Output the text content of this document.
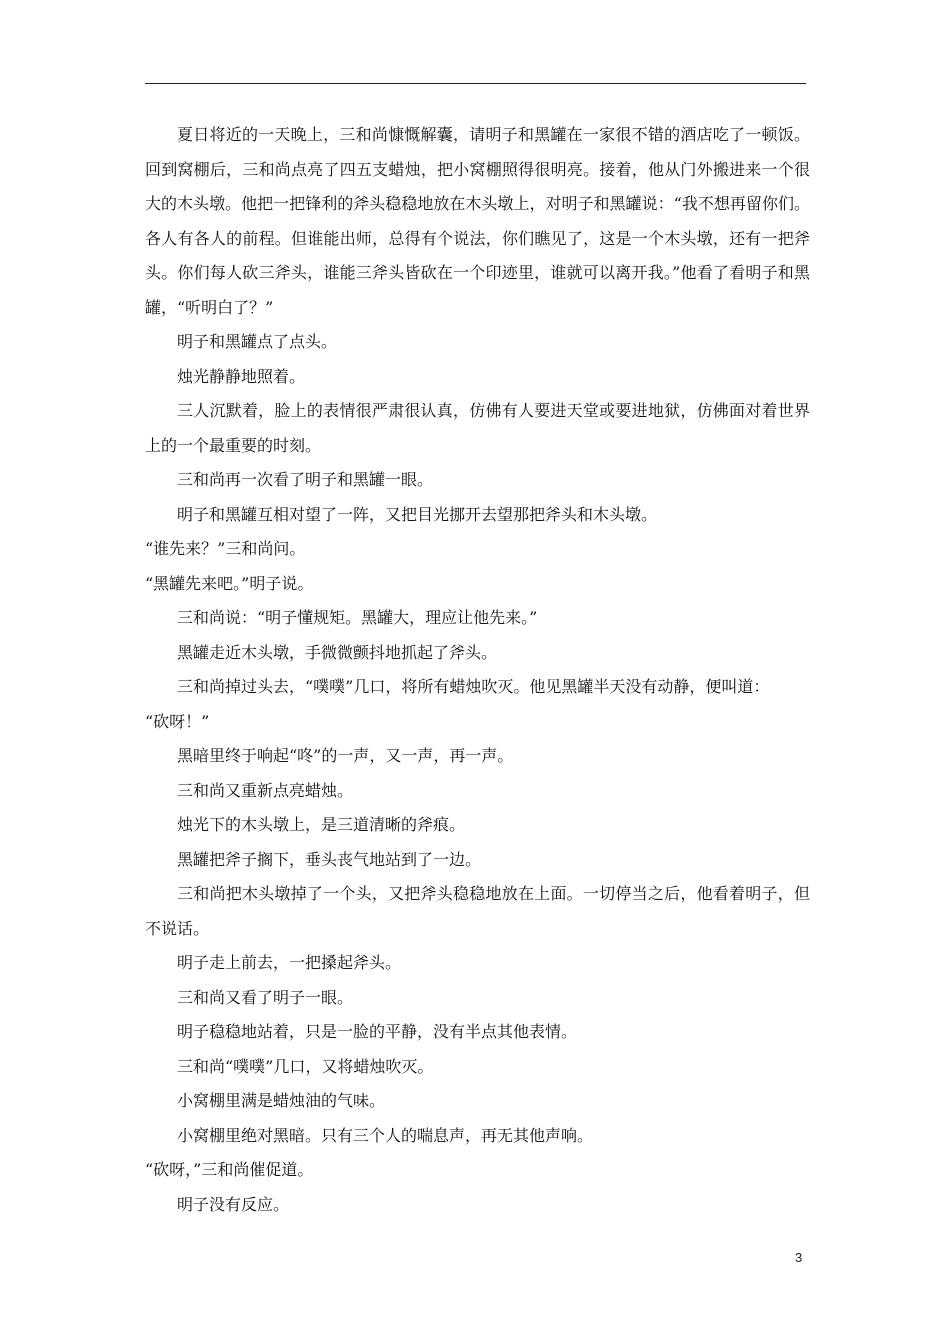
夏日将近的一天晚上，三和尚慷慨解囊，请明子和黑罐在一家很不错的酒店吃了一顿饭。回到窝棚后，三和尚点亮了四五支蜡烛，把小窝棚照得很明亮。接着，他从门外搬进来一个很大的木头墩。他把一把锋利的斧头稳稳地放在木头墩上，对明子和黑罐说：“我不想再留你们。各人有各人的前程。但谁能出师，总得有个说法，你们瞧见了，这是一个木头墩，还有一把斧头。你们每人砍三斧头，谁能三斧头皆砍在一个印迹里，谁就可以离开我。”他看了看明子和黑罐，“听明白了？”

明子和黑罐点了点头。

烛光静静地照着。

三人沉默着，脸上的表情很严肃很认真，仿佛有人要进天堂或要进地狱，仿佛面对着世界上的一个最重要的时刻。

三和尚再一次看了明子和黑罐一眼。

明子和黑罐互相对望了一阵，又把目光挪开去望那把斧头和木头墩。

“谁先来？”三和尚问。

“黑罐先来吧。”明子说。

三和尚说：“明子懂规矩。黑罐大，理应让他先来。”

黑罐走近木头墩，手微微颤抖地抓起了斧头。

三和尚掉过头去，“噗噗”几口，将所有蜡烛吹灭。他见黑罐半天没有动静，便叫道：

“砍呀！”

黑暗里终于响起“咚”的一声，又一声，再一声。

三和尚又重新点亮蜡烛。

烛光下的木头墩上，是三道清晰的斧痕。

黑罐把斧子搁下，垂头丧气地站到了一边。

三和尚把木头墩掉了一个头，又把斧头稳稳地放在上面。一切停当之后，他看着明子，但不说话。

明子走上前去，一把搡起斧头。

三和尚又看了明子一眼。

明子稳稳地站着，只是一脸的平静，没有半点其他表情。

三和尚“噗噗”几口，又将蜡烛吹灭。

小窝棚里满是蜡烛油的气味。

小窝棚里绝对黑暗。只有三个人的喘息声，再无其他声响。

“砍呀，”三和尚催促道。

明子没有反应。

3
